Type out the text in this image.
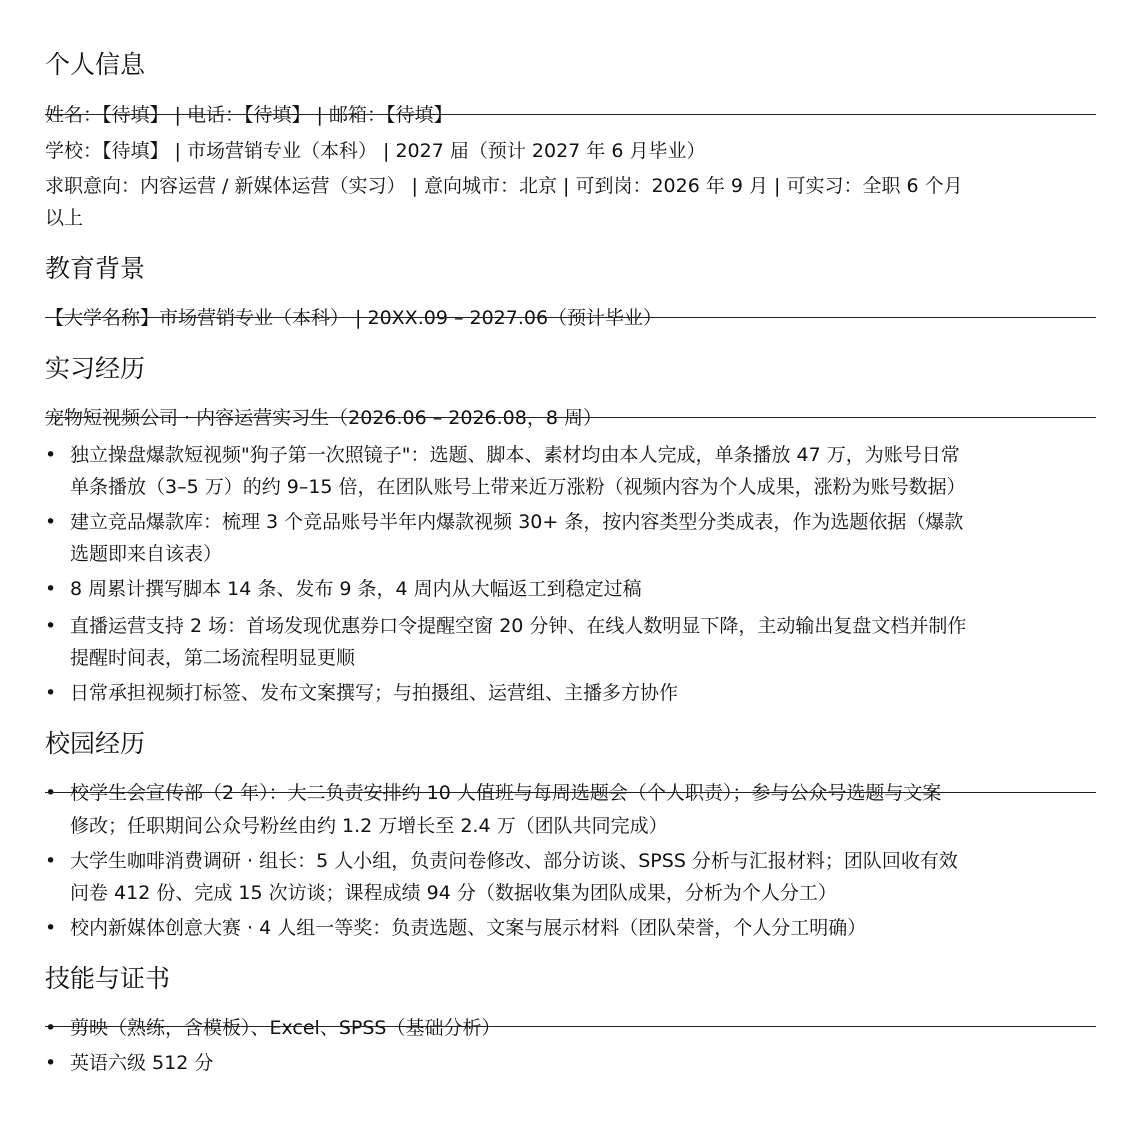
个人信息
姓名：【待填】 | 电话：【待填】 | 邮箱：【待填】
学校：【待填】 | 市场营销专业（本科） | 2027 届（预计 2027 年 6 月毕业）
求职意向：内容运营 / 新媒体运营（实习） | 意向城市：北京 | 可到岗：2026 年 9 月 | 可实习：全职 6 个月
以上
教育背景
【大学名称】市场营销专业（本科） | 20XX.09 – 2027.06（预计毕业）
实习经历
宠物短视频公司 · 内容运营实习生（2026.06 – 2026.08，8 周）
• 独立操盘爆款短视频"狗子第一次照镜子"：选题、脚本、素材均由本人完成，单条播放 47 万，为账号日常
单条播放（3–5 万）的约 9–15 倍，在团队账号上带来近万涨粉（视频内容为个人成果，涨粉为账号数据）
• 建立竞品爆款库：梳理 3 个竞品账号半年内爆款视频 30+ 条，按内容类型分类成表，作为选题依据（爆款
选题即来自该表）
• 8 周累计撰写脚本 14 条、发布 9 条，4 周内从大幅返工到稳定过稿
• 直播运营支持 2 场：首场发现优惠券口令提醒空窗 20 分钟、在线人数明显下降，主动输出复盘文档并制作
提醒时间表，第二场流程明显更顺
• 日常承担视频打标签、发布文案撰写；与拍摄组、运营组、主播多方协作
校园经历
• 校学生会宣传部（2 年）：大二负责安排约 10 人值班与每周选题会（个人职责）；参与公众号选题与文案
修改；任职期间公众号粉丝由约 1.2 万增长至 2.4 万（团队共同完成）
• 大学生咖啡消费调研 · 组长：5 人小组，负责问卷修改、部分访谈、SPSS 分析与汇报材料；团队回收有效
问卷 412 份、完成 15 次访谈；课程成绩 94 分（数据收集为团队成果，分析为个人分工）
• 校内新媒体创意大赛 · 4 人组一等奖：负责选题、文案与展示材料（团队荣誉，个人分工明确）
技能与证书
• 剪映（熟练，含模板）、Excel、SPSS（基础分析）
• 英语六级 512 分
